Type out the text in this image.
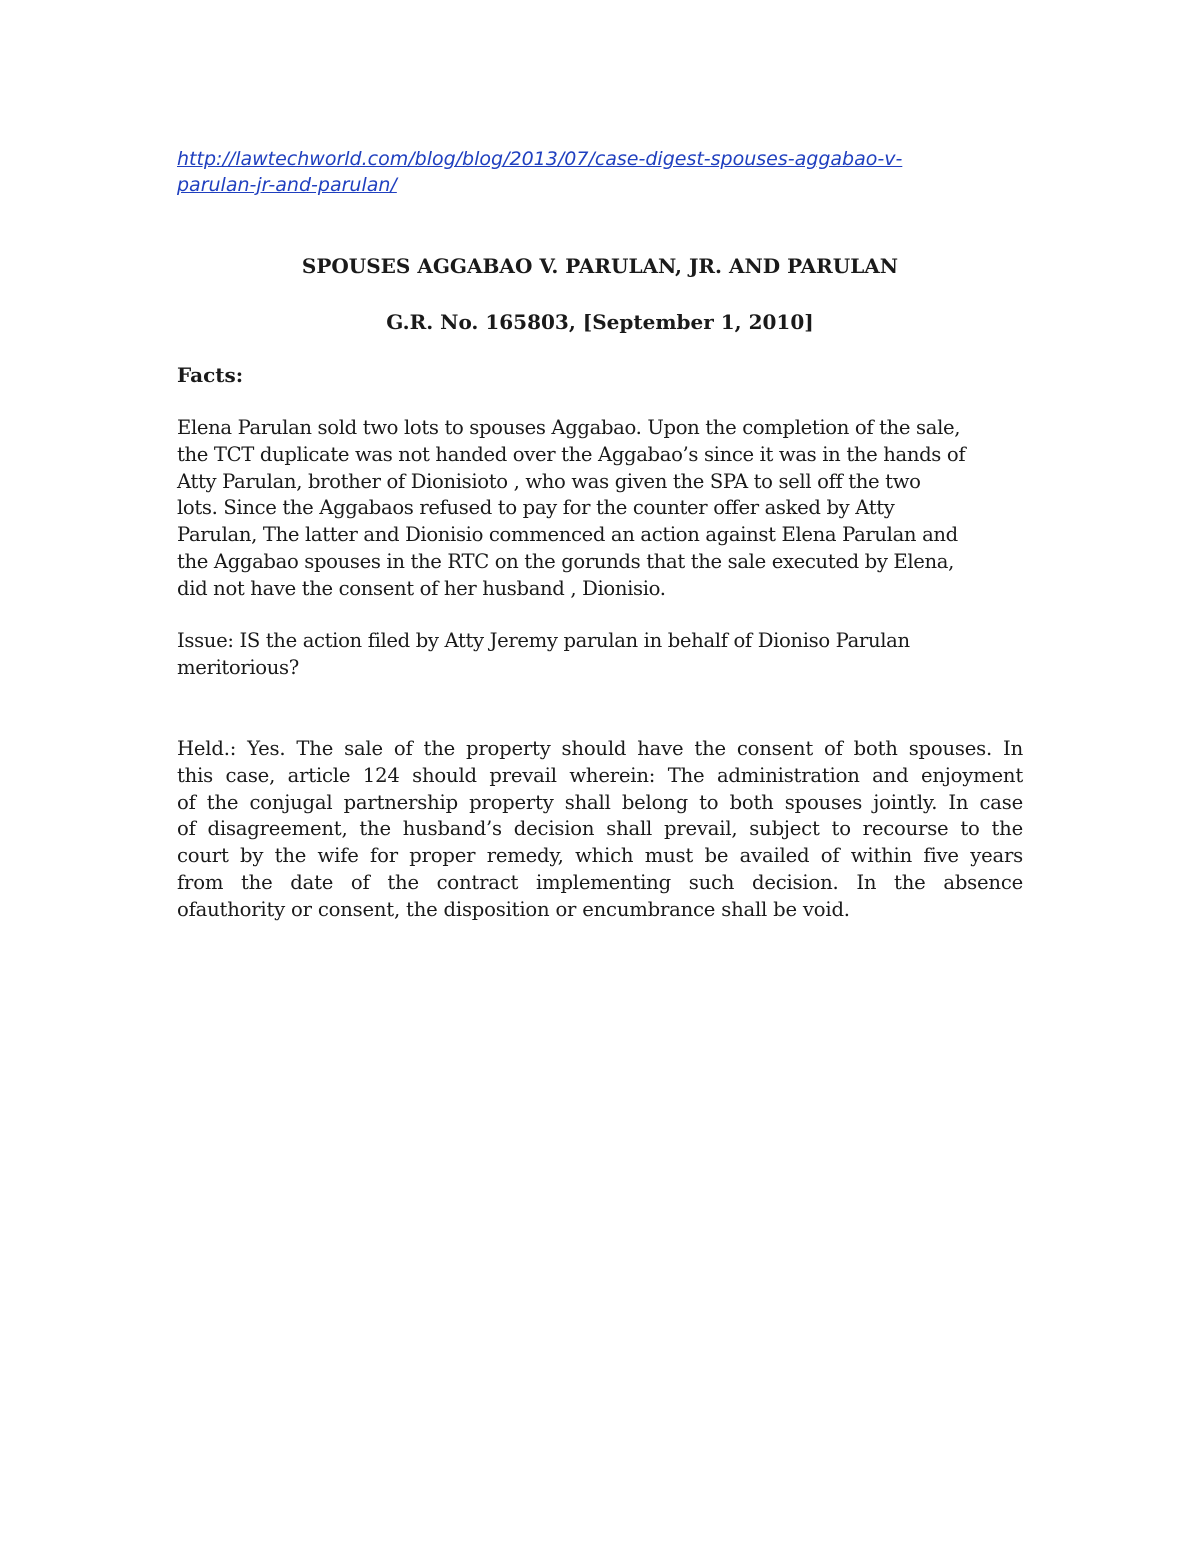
http://lawtechworld.com/blog/blog/2013/07/case-digest-spouses-aggabao-v-
parulan-jr-and-parulan/
SPOUSES AGGABAO V. PARULAN, JR. AND PARULAN
G.R. No. 165803, [September 1, 2010]
Facts:

Elena Parulan sold two lots to spouses Aggabao. Upon the completion of the sale,
the TCT duplicate was not handed over the Aggabao’s since it was in the hands of
Atty Parulan, brother of Dionisioto , who was given the SPA to sell off the two
lots. Since the Aggabaos refused to pay for the counter offer asked by Atty
Parulan, The latter and Dionisio commenced an action against Elena Parulan and
the Aggabao spouses in the RTC on the gorunds that the sale executed by Elena,
did not have the consent of her husband , Dionisio.

Issue: IS the action filed by Atty Jeremy parulan in behalf of Dioniso Parulan
meritorious?

Held.: Yes. The sale of the property should have the consent of both spouses. In
this case, article 124 should prevail wherein: The administration and enjoyment
of the conjugal partnership property shall belong to both spouses jointly. In case
of disagreement, the husband’s decision shall prevail, subject to recourse to the
court by the wife for proper remedy, which must be availed of within five years
from the date of the contract implementing such decision. In the absence
ofauthority or consent, the disposition or encumbrance shall be void.
